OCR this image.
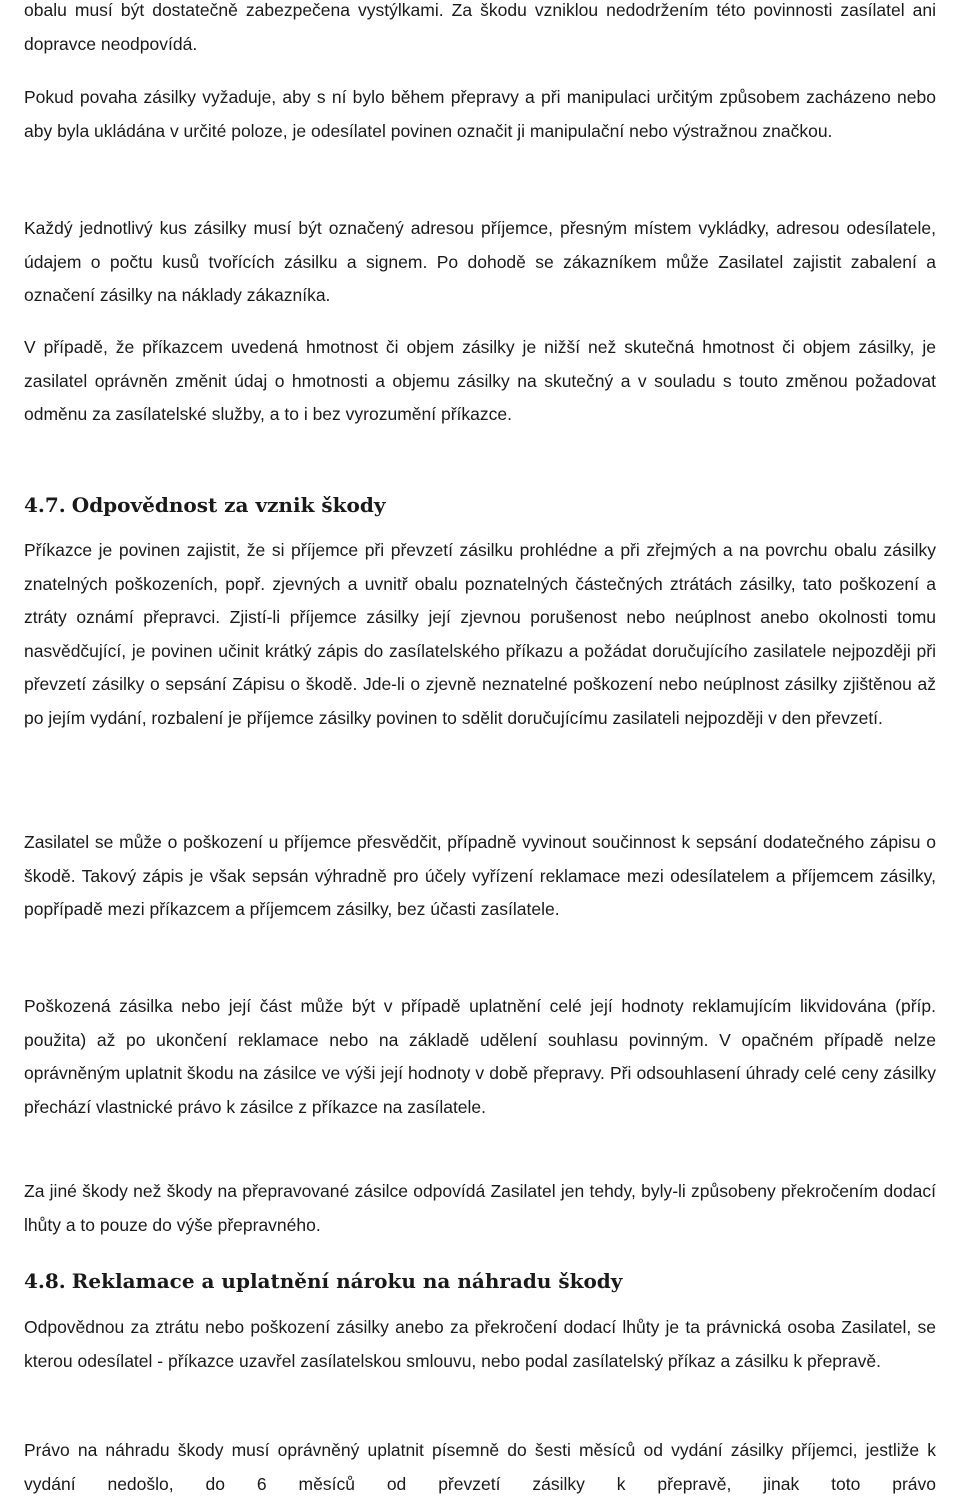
obalu musí být dostatečně zabezpečena vystýlkami. Za škodu vzniklou nedodržením této povinnosti zasílatel ani dopravce neodpovídá.

Pokud povaha zásilky vyžaduje, aby s ní bylo během přepravy a při manipulaci určitým způsobem zacházeno nebo aby byla ukládána v určité poloze, je odesílatel povinen označit ji manipulační nebo výstražnou značkou.

Každý jednotlivý kus zásilky musí být označený adresou příjemce, přesným místem vykládky, adresou odesílatele, údajem o počtu kusů tvořících zásilku a signem. Po dohodě se zákazníkem může Zasilatel zajistit zabalení a označení zásilky na náklady zákazníka.

V případě, že příkazcem uvedená hmotnost či objem zásilky je nižší než skutečná hmotnost či objem zásilky, je zasilatel oprávněn změnit údaj o hmotnosti a objemu zásilky na skutečný a v souladu s touto změnou požadovat odměnu za zasílatelské služby, a to i bez vyrozumění příkazce.

4.7. Odpovědnost za vznik škody

Příkazce je povinen zajistit, že si příjemce při převzetí zásilku prohlédne a při zřejmých a na povrchu obalu zásilky znatelných poškozeních, popř. zjevných a uvnitř obalu poznatelných částečných ztrátách zásilky, tato poškození a ztráty oznámí přepravci. Zjistí-li příjemce zásilky její zjevnou porušenost nebo neúplnost anebo okolnosti tomu nasvědčující, je povinen učinit krátký zápis do zasílatelského příkazu a požádat doručujícího zasilatele nejpozději při převzetí zásilky o sepsání Zápisu o škodě. Jde-li o zjevně neznatelné poškození nebo neúplnost zásilky zjištěnou až po jejím vydání, rozbalení je příjemce zásilky povinen to sdělit doručujícímu zasilateli nejpozději v den převzetí.

Zasilatel se může o poškození u příjemce přesvědčit, případně vyvinout součinnost k sepsání dodatečného zápisu o škodě. Takový zápis je však sepsán výhradně pro účely vyřízení reklamace mezi odesílatelem a příjemcem zásilky, popřípadě mezi příkazcem a příjemcem zásilky, bez účasti zasílatele.

Poškozená zásilka nebo její část může být v případě uplatnění celé její hodnoty reklamujícím likvidována (příp. použita) až po ukončení reklamace nebo na základě udělení souhlasu povinným. V opačném případě nelze oprávněným uplatnit škodu na zásilce ve výši její hodnoty v době přepravy. Při odsouhlasení úhrady celé ceny zásilky přechází vlastnické právo k zásilce z příkazce na zasílatele.

Za jiné škody než škody na přepravované zásilce odpovídá Zasilatel jen tehdy, byly-li způsobeny překročením dodací lhůty a to pouze do výše přepravného.

4.8. Reklamace a uplatnění nároku na náhradu škody

Odpovědnou za ztrátu nebo poškození zásilky anebo za překročení dodací lhůty je ta právnická osoba Zasilatel, se kterou odesílatel - příkazce uzavřel zasílatelskou smlouvu, nebo podal zasílatelský příkaz a zásilku k přepravě.

Právo na náhradu škody musí oprávněný uplatnit písemně do šesti měsíců od vydání zásilky příjemci, jestliže k vydání nedošlo, do 6 měsíců od převzetí zásilky k přepravě, jinak toto právo
